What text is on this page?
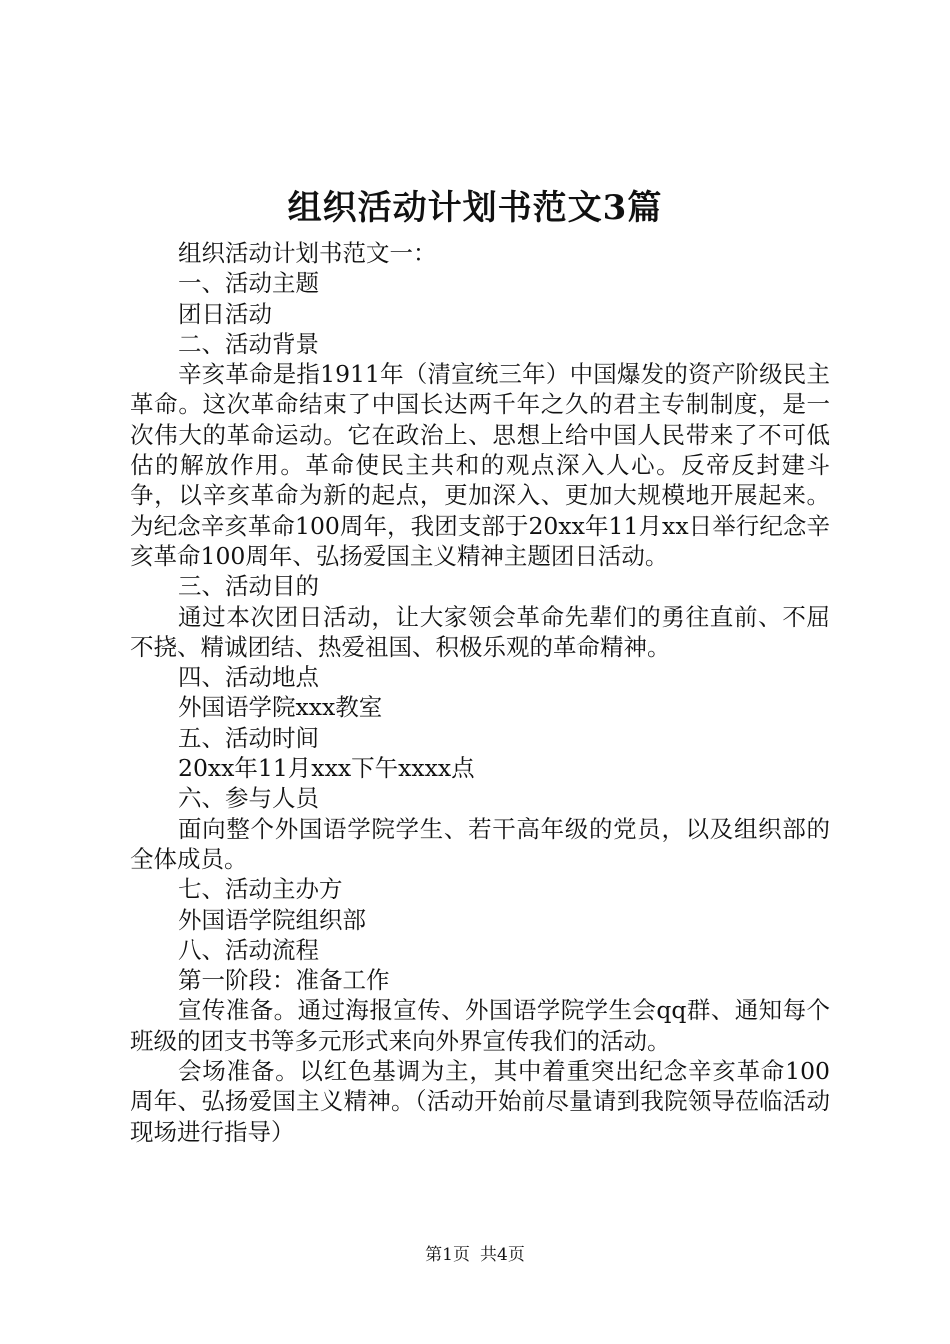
组织活动计划书范文3篇

组织活动计划书范文一：

一、活动主题

团日活动

二、活动背景

辛亥革命是指1911年（清宣统三年）中国爆发的资产阶级民主革命。这次革命结束了中国长达两千年之久的君主专制制度，是一次伟大的革命运动。它在政治上、思想上给中国人民带来了不可低估的解放作用。革命使民主共和的观点深入人心。反帝反封建斗争，以辛亥革命为新的起点，更加深入、更加大规模地开展起来。为纪念辛亥革命100周年，我团支部于20xx年11月xx日举行纪念辛亥革命100周年、弘扬爱国主义精神主题团日活动。

三、活动目的

通过本次团日活动，让大家领会革命先辈们的勇往直前、不屈不挠、精诚团结、热爱祖国、积极乐观的革命精神。

四、活动地点

外国语学院xxx教室

五、活动时间

20xx年11月xxx下午xxxx点

六、参与人员

面向整个外国语学院学生、若干高年级的党员，以及组织部的全体成员。

七、活动主办方

外国语学院组织部

八、活动流程

第一阶段：准备工作

宣传准备。通过海报宣传、外国语学院学生会qq群、通知每个班级的团支书等多元形式来向外界宣传我们的活动。

会场准备。以红色基调为主，其中着重突出纪念辛亥革命100周年、弘扬爱国主义精神。（活动开始前尽量请到我院领导莅临活动现场进行指导）

第1页 共4页
